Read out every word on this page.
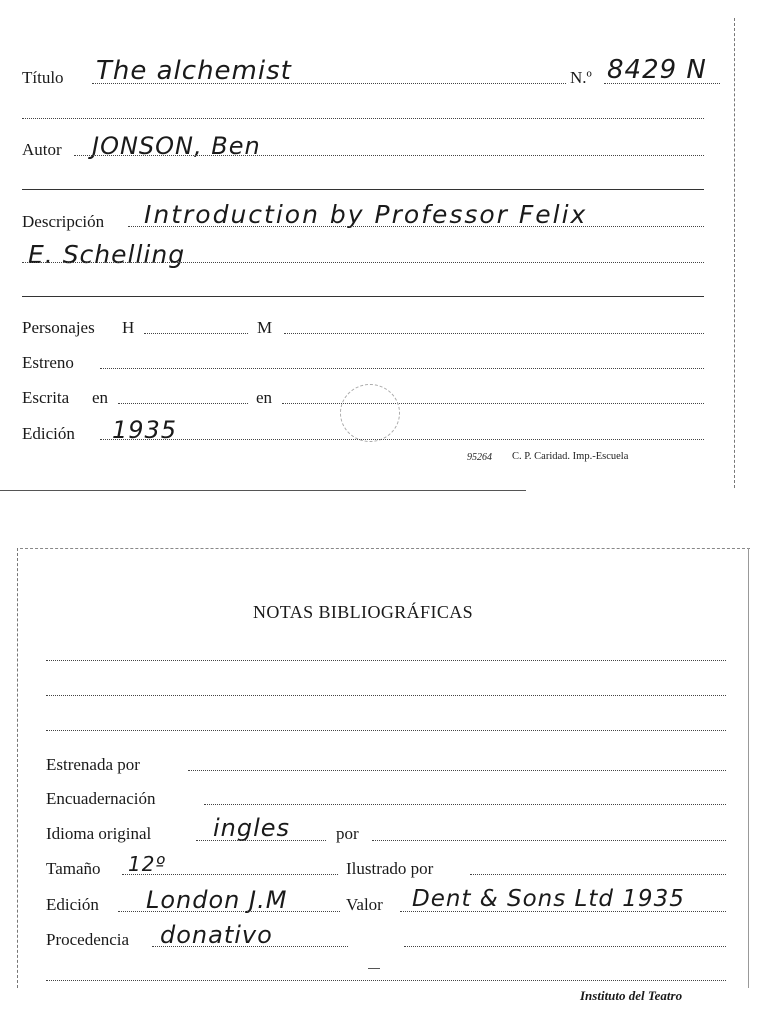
Título The alchemist	N.º 8429 N
Autor JONSON, Ben
Descripción Introduction by Professor Felix
E. Schelling
Personajes H	M
Estreno
Escrita en	en
Edición 1935
95264 C. P. Caridad. Imp.-Escuela
NOTAS BIBLIOGRÁFICAS
Estrenada por
Encuadernación
Idioma original	ingles	por
Tamaño 12º	Ilustrado por
Edición London J.M	Valor Dent & Sons Ltd 1935
Procedencia donativo
Instituto del Teatro
